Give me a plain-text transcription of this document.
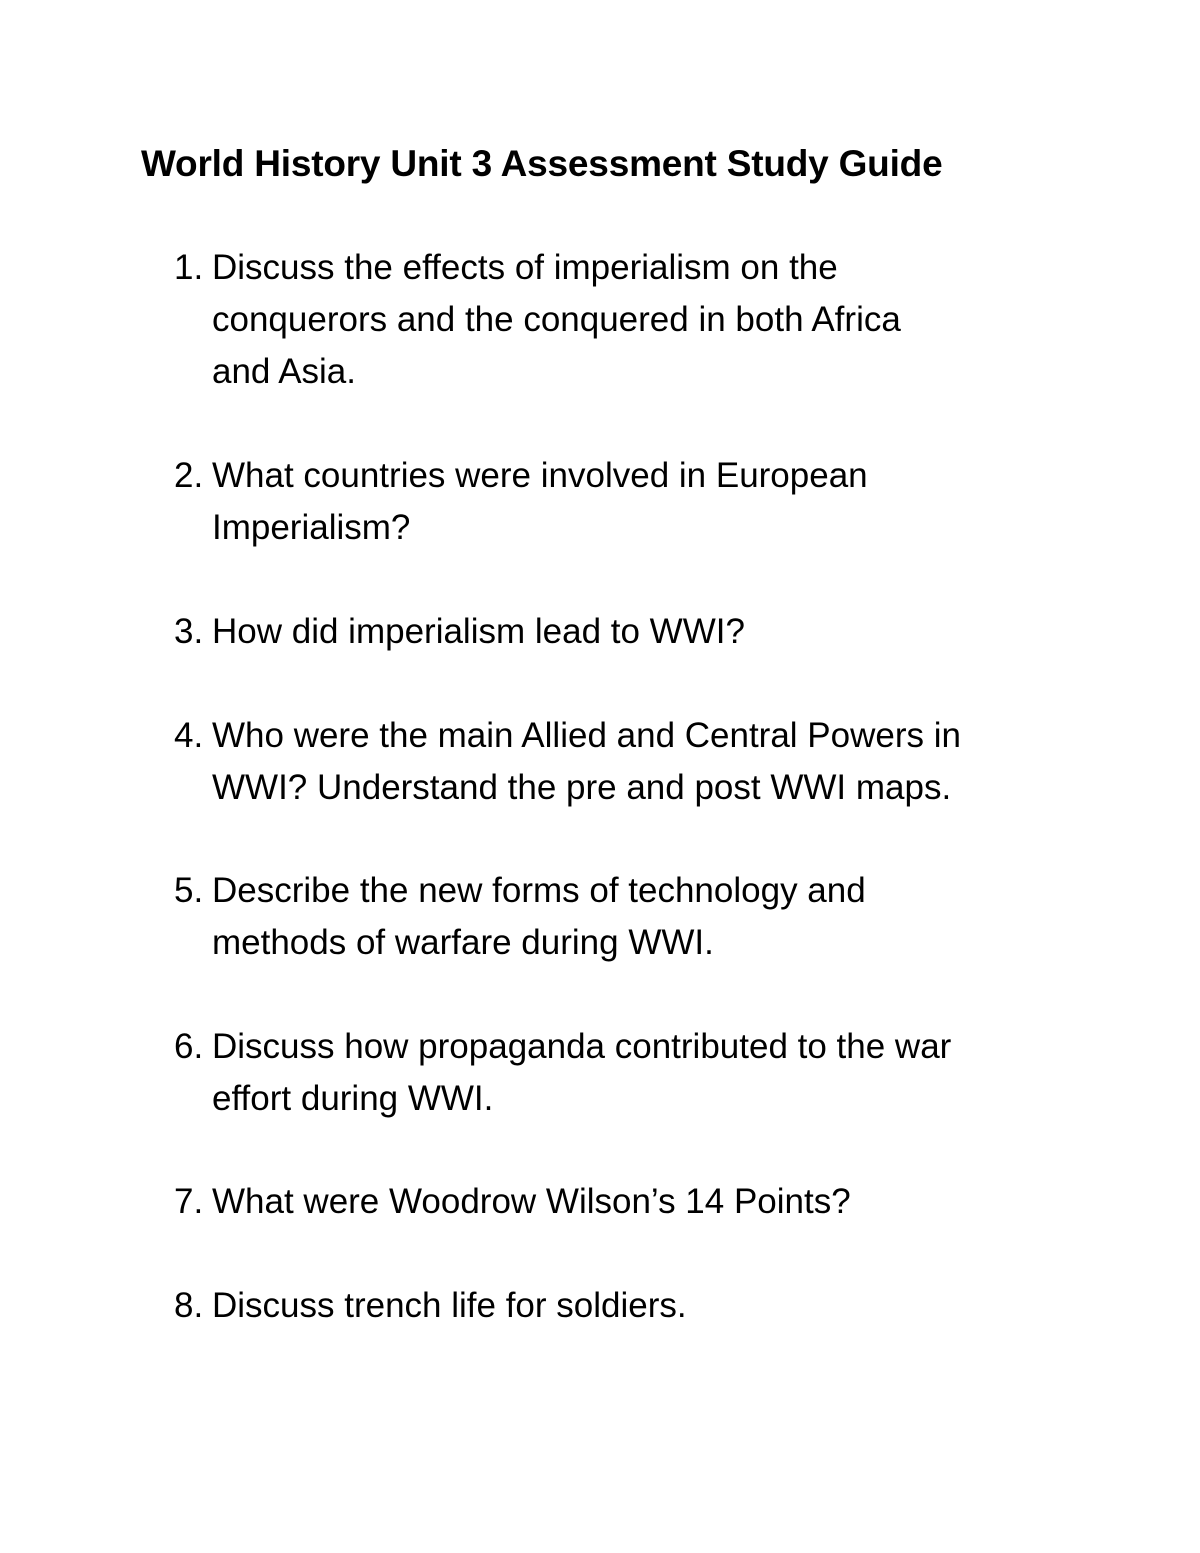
World History Unit 3 Assessment Study Guide
1. Discuss the effects of imperialism on the
conquerors and the conquered in both Africa
and Asia.
2. What countries were involved in European
Imperialism?
3. How did imperialism lead to WWI?
4. Who were the main Allied and Central Powers in
WWI? Understand the pre and post WWI maps.
5. Describe the new forms of technology and
methods of warfare during WWI.
6. Discuss how propaganda contributed to the war
effort during WWI.
7. What were Woodrow Wilson’s 14 Points?
8. Discuss trench life for soldiers.
